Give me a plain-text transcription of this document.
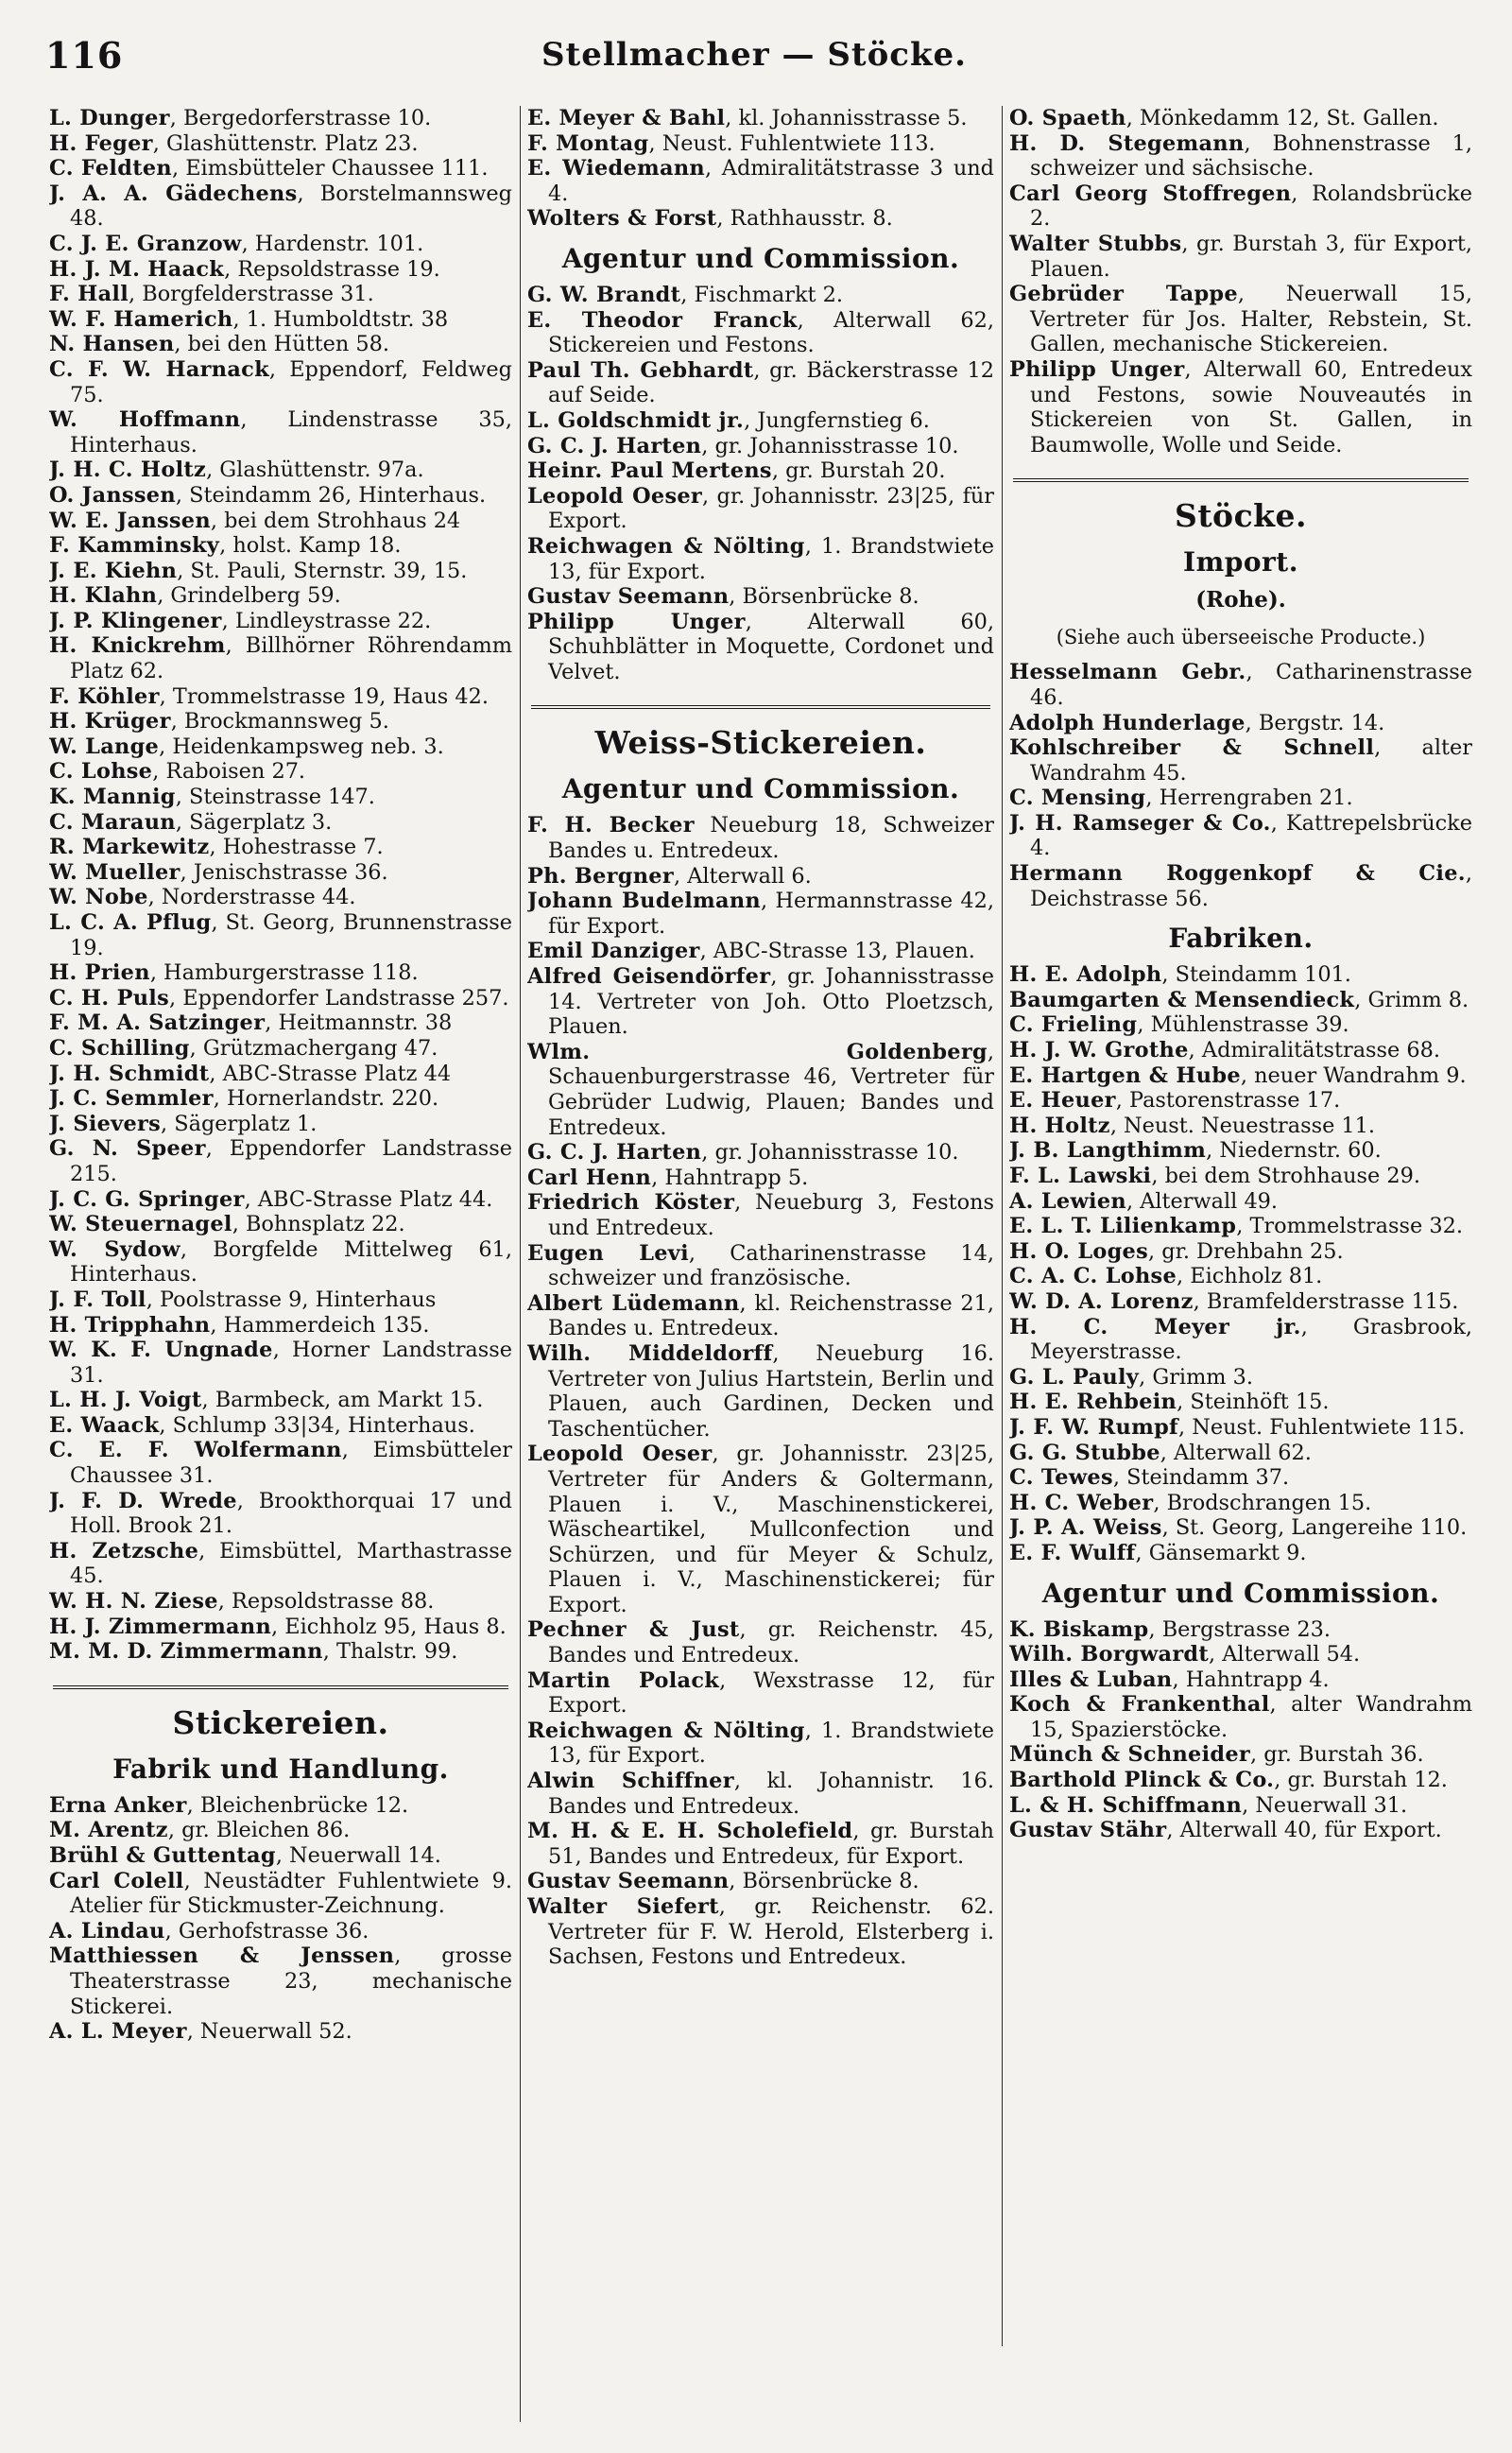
116	Stellmacher — Stöcke.

L. Dunger, Bergedorferstrasse 10.

H. Feger, Glashüttenstr. Platz 23.

C. Feldten, Eimsbütteler Chaussee 111.

J. A. A. Gädechens, Borstelmannsweg 48.

C. J. E. Granzow, Hardenstr. 101.

H. J. M. Haack, Repsoldstrasse 19.

F. Hall, Borgfelderstrasse 31.

W. F. Hamerich, 1. Humboldtstr. 38

N. Hansen, bei den Hütten 58.

C. F. W. Harnack, Eppendorf, Feldweg 75.

W. Hoffmann, Lindenstrasse 35, Hinterhaus.

J. H. C. Holtz, Glashüttenstr. 97a.

O. Janssen, Steindamm 26, Hinterhaus.

W. E. Janssen, bei dem Strohhaus 24

F. Kamminsky, holst. Kamp 18.

J. E. Kiehn, St. Pauli, Sternstr. 39, 15.

H. Klahn, Grindelberg 59.

J. P. Klingener, Lindleystrasse 22.

H. Knickrehm, Billhörner Röhrendamm Platz 62.

F. Köhler, Trommelstrasse 19, Haus 42.

H. Krüger, Brockmannsweg 5.

W. Lange, Heidenkampsweg neb. 3.

C. Lohse, Raboisen 27.

K. Mannig, Steinstrasse 147.

C. Maraun, Sägerplatz 3.

R. Markewitz, Hohestrasse 7.

W. Mueller, Jenischstrasse 36.

W. Nobe, Norderstrasse 44.

L. C. A. Pflug, St. Georg, Brunnenstrasse 19.

H. Prien, Hamburgerstrasse 118.

C. H. Puls, Eppendorfer Landstrasse 257.

F. M. A. Satzinger, Heitmannstr. 38

C. Schilling, Grützmachergang 47.

J. H. Schmidt, ABC-Strasse Platz 44

J. C. Semmler, Hornerlandstr. 220.

J. Sievers, Sägerplatz 1.

G. N. Speer, Eppendorfer Landstrasse 215.

J. C. G. Springer, ABC-Strasse Platz 44.

W. Steuernagel, Bohnsplatz 22.

W. Sydow, Borgfelde Mittelweg 61, Hinterhaus.

J. F. Toll, Poolstrasse 9, Hinterhaus

H. Tripphahn, Hammerdeich 135.

W. K. F. Ungnade, Horner Landstrasse 31.

L. H. J. Voigt, Barmbeck, am Markt 15.

E. Waack, Schlump 33|34, Hinterhaus.

C. E. F. Wolfermann, Eimsbütteler Chaussee 31.

J. F. D. Wrede, Brookthorquai 17 und Holl. Brook 21.

H. Zetzsche, Eimsbüttel, Marthastrasse 45.

W. H. N. Ziese, Repsoldstrasse 88.

H. J. Zimmermann, Eichholz 95, Haus 8.

M. M. D. Zimmermann, Thalstr. 99.

Stickereien.
Fabrik und Handlung.

Erna Anker, Bleichenbrücke 12.

M. Arentz, gr. Bleichen 86.

Brühl & Guttentag, Neuerwall 14.

Carl Colell, Neustädter Fuhlentwiete 9. Atelier für Stickmuster-Zeichnung.

A. Lindau, Gerhofstrasse 36.

Matthiessen & Jenssen, grosse Theaterstrasse 23, mechanische Stickerei.

A. L. Meyer, Neuerwall 52.

E. Meyer & Bahl, kl. Johannisstrasse 5.

F. Montag, Neust. Fuhlentwiete 113.

E. Wiedemann, Admiralitätstrasse 3 und 4.

Wolters & Forst, Rathhausstr. 8.

Agentur und Commission.

G. W. Brandt, Fischmarkt 2.

E. Theodor Franck, Alterwall 62, Stickereien und Festons.

Paul Th. Gebhardt, gr. Bäckerstrasse 12 auf Seide.

L. Goldschmidt jr., Jungfernstieg 6.

G. C. J. Harten, gr. Johannisstrasse 10.

Heinr. Paul Mertens, gr. Burstah 20.

Leopold Oeser, gr. Johannisstr. 23|25, für Export.

Reichwagen & Nölting, 1. Brandstwiete 13, für Export.

Gustav Seemann, Börsenbrücke 8.

Philipp Unger, Alterwall 60, Schuhblätter in Moquette, Cordonet und Velvet.

Weiss-Stickereien.
Agentur und Commission.

F. H. Becker Neueburg 18, Schweizer Bandes u. Entredeux.

Ph. Bergner, Alterwall 6.

Johann Budelmann, Hermannstrasse 42, für Export.

Emil Danziger, ABC-Strasse 13, Plauen.

Alfred Geisendörfer, gr. Johannisstrasse 14. Vertreter von Joh. Otto Ploetzsch, Plauen.

Wlm. Goldenberg, Schauenburgerstrasse 46, Vertreter für Gebrüder Ludwig, Plauen; Bandes und Entredeux.

G. C. J. Harten, gr. Johannisstrasse 10.

Carl Henn, Hahntrapp 5.

Friedrich Köster, Neueburg 3, Festons und Entredeux.

Eugen Levi, Catharinenstrasse 14, schweizer und französische.

Albert Lüdemann, kl. Reichenstrasse 21, Bandes u. Entredeux.

Wilh. Middeldorff, Neueburg 16. Vertreter von Julius Hartstein, Berlin und Plauen, auch Gardinen, Decken und Taschentücher.

Leopold Oeser, gr. Johannisstr. 23|25, Vertreter für Anders & Goltermann, Plauen i. V., Maschinenstickerei, Wäscheartikel, Mullconfection und Schürzen, und für Meyer & Schulz, Plauen i. V., Maschinenstickerei; für Export.

Pechner & Just, gr. Reichenstr. 45, Bandes und Entredeux.

Martin Polack, Wexstrasse 12, für Export.

Reichwagen & Nölting, 1. Brandstwiete 13, für Export.

Alwin Schiffner, kl. Johannistr. 16. Bandes und Entredeux.

M. H. & E. H. Scholefield, gr. Burstah 51, Bandes und Entredeux, für Export.

Gustav Seemann, Börsenbrücke 8.

Walter Siefert, gr. Reichenstr. 62. Vertreter für F. W. Herold, Elsterberg i. Sachsen, Festons und Entredeux.

O. Spaeth, Mönkedamm 12, St. Gallen.

H. D. Stegemann, Bohnenstrasse 1, schweizer und sächsische.

Carl Georg Stoffregen, Rolandsbrücke 2.

Walter Stubbs, gr. Burstah 3, für Export, Plauen.

Gebrüder Tappe, Neuerwall 15, Vertreter für Jos. Halter, Rebstein, St. Gallen, mechanische Stickereien.

Philipp Unger, Alterwall 60, Entredeux und Festons, sowie Nouveautés in Stickereien von St. Gallen, in Baumwolle, Wolle und Seide.

Stöcke.
Import.
(Rohe).
(Siehe auch überseeische Producte.)

Hesselmann Gebr., Catharinenstrasse 46.

Adolph Hunderlage, Bergstr. 14.

Kohlschreiber & Schnell, alter Wandrahm 45.

C. Mensing, Herrengraben 21.

J. H. Ramseger & Co., Kattrepelsbrücke 4.

Hermann Roggenkopf & Cie., Deichstrasse 56.

Fabriken.

H. E. Adolph, Steindamm 101.

Baumgarten & Mensendieck, Grimm 8.

C. Frieling, Mühlenstrasse 39.

H. J. W. Grothe, Admiralitätstrasse 68.

E. Hartgen & Hube, neuer Wandrahm 9.

E. Heuer, Pastorenstrasse 17.

H. Holtz, Neust. Neuestrasse 11.

J. B. Langthimm, Niedernstr. 60.

F. L. Lawski, bei dem Strohhause 29.

A. Lewien, Alterwall 49.

E. L. T. Lilienkamp, Trommelstrasse 32.

H. O. Loges, gr. Drehbahn 25.

C. A. C. Lohse, Eichholz 81.

W. D. A. Lorenz, Bramfelderstrasse 115.

H. C. Meyer jr., Grasbrook, Meyerstrasse.

G. L. Pauly, Grimm 3.

H. E. Rehbein, Steinhöft 15.

J. F. W. Rumpf, Neust. Fuhlentwiete 115.

G. G. Stubbe, Alterwall 62.

C. Tewes, Steindamm 37.

H. C. Weber, Brodschrangen 15.

J. P. A. Weiss, St. Georg, Langereihe 110.

E. F. Wulff, Gänsemarkt 9.

Agentur und Commission.

K. Biskamp, Bergstrasse 23.

Wilh. Borgwardt, Alterwall 54.

Illes & Luban, Hahntrapp 4.

Koch & Frankenthal, alter Wandrahm 15, Spazierstöcke.

Münch & Schneider, gr. Burstah 36.

Barthold Plinck & Co., gr. Burstah 12.

L. & H. Schiffmann, Neuerwall 31.

Gustav Stähr, Alterwall 40, für Export.
